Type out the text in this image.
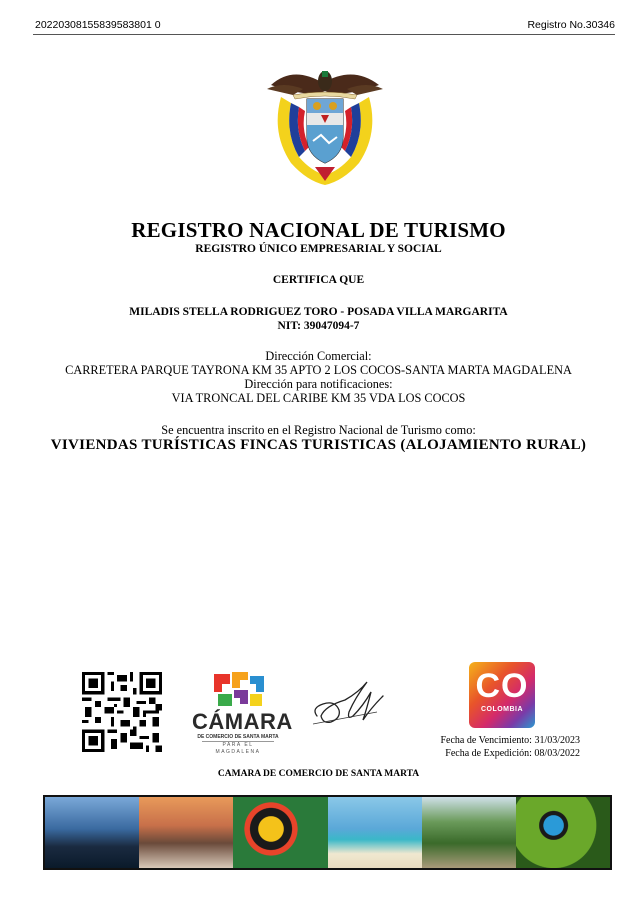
20220308155839583801 0	Registro No.30346
REGISTRO NACIONAL DE TURISMO
REGISTRO ÚNICO EMPRESARIAL Y SOCIAL
CERTIFICA QUE
MILADIS STELLA RODRIGUEZ TORO - POSADA VILLA MARGARITA
NIT: 39047094-7
Dirección Comercial:
CARRETERA PARQUE TAYRONA KM 35 APTO 2 LOS COCOS-SANTA MARTA MAGDALENA
Dirección para notificaciones:
VIA TRONCAL DEL CARIBE KM 35 VDA LOS COCOS
Se encuentra inscrito en el Registro Nacional de Turismo como:
VIVIENDAS TURÍSTICAS FINCAS TURISTICAS (ALOJAMIENTO RURAL)
CÁMARA
DE COMERCIO DE SANTA MARTA
PARA EL MAGDALENA
CO
COLOMBIA
Fecha de Vencimiento: 31/03/2023
Fecha de Expedición: 08/03/2022
CAMARA DE COMERCIO DE SANTA MARTA
